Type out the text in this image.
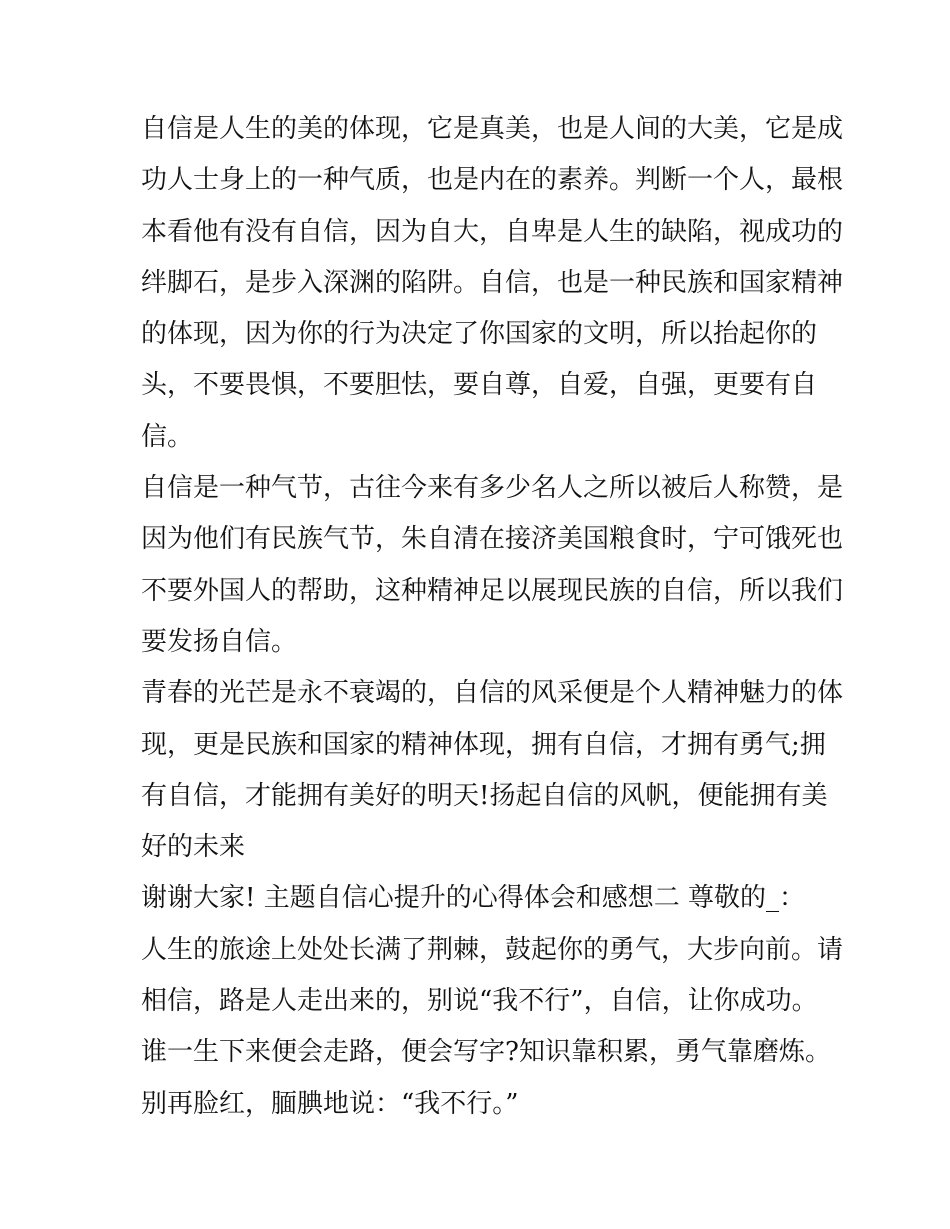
自信是人生的美的体现，它是真美，也是人间的大美，它是成
功人士身上的一种气质，也是内在的素养。判断一个人，最根
本看他有没有自信，因为自大，自卑是人生的缺陷，视成功的
绊脚石，是步入深渊的陷阱。自信，也是一种民族和国家精神
的体现，因为你的行为决定了你国家的文明，所以抬起你的
头，不要畏惧，不要胆怯，要自尊，自爱，自强，更要有自
信。
自信是一种气节，古往今来有多少名人之所以被后人称赞，是
因为他们有民族气节，朱自清在接济美国粮食时，宁可饿死也
不要外国人的帮助，这种精神足以展现民族的自信，所以我们
要发扬自信。
青春的光芒是永不衰竭的，自信的风采便是个人精神魅力的体
现，更是民族和国家的精神体现，拥有自信，才拥有勇气;拥
有自信，才能拥有美好的明天!扬起自信的风帆，便能拥有美
好的未来
谢谢大家! 主题自信心提升的心得体会和感想二 尊敬的_：
人生的旅途上处处长满了荆棘，鼓起你的勇气，大步向前。请
相信，路是人走出来的，别说“我不行”，自信，让你成功。
谁一生下来便会走路，便会写字?知识靠积累，勇气靠磨炼。
别再脸红，腼腆地说：“我不行。”
